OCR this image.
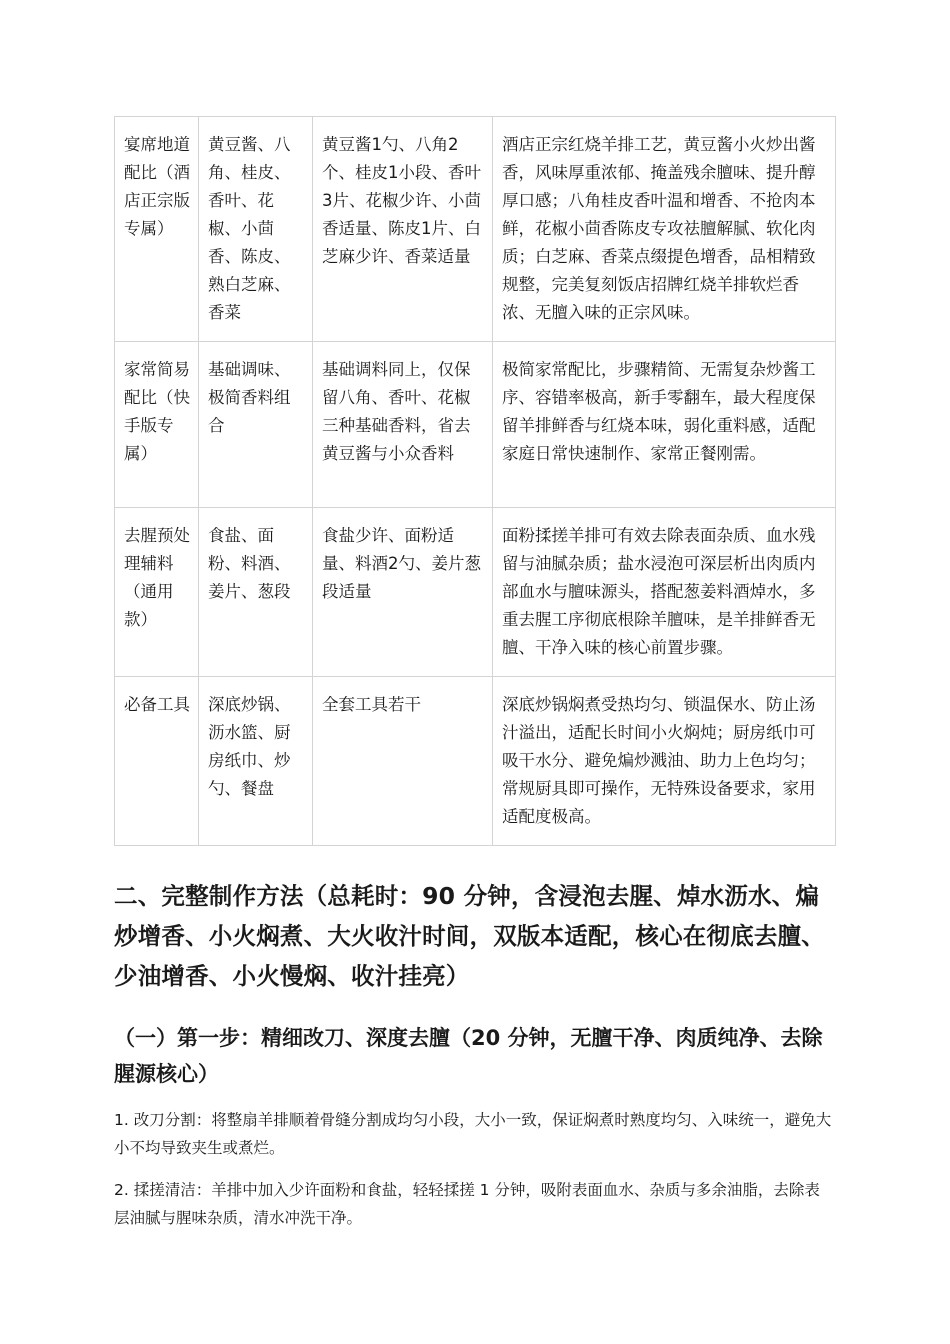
宴席地道配比（酒店正宗版专属）	黄豆酱、八角、桂皮、香叶、花椒、小茴香、陈皮、熟白芝麻、香菜	黄豆酱1勺、八角2个、桂皮1小段、香叶3片、花椒少许、小茴香适量、陈皮1片、白芝麻少许、香菜适量	酒店正宗红烧羊排工艺，黄豆酱小火炒出酱香，风味厚重浓郁、掩盖残余膻味、提升醇厚口感；八角桂皮香叶温和增香、不抢肉本鲜，花椒小茴香陈皮专攻祛膻解腻、软化肉质；白芝麻、香菜点缀提色增香，品相精致规整，完美复刻饭店招牌红烧羊排软烂香浓、无膻入味的正宗风味。
家常简易配比（快手版专属）	基础调味、极简香料组合	基础调料同上，仅保留八角、香叶、花椒三种基础香料，省去黄豆酱与小众香料	极简家常配比，步骤精简、无需复杂炒酱工序、容错率极高，新手零翻车，最大程度保留羊排鲜香与红烧本味，弱化重料感，适配家庭日常快速制作、家常正餐刚需。
去腥预处理辅料（通用款）	食盐、面粉、料酒、姜片、葱段	食盐少许、面粉适量、料酒2勺、姜片葱段适量	面粉揉搓羊排可有效去除表面杂质、血水残留与油腻杂质；盐水浸泡可深层析出肉质内部血水与膻味源头，搭配葱姜料酒焯水，多重去腥工序彻底根除羊膻味，是羊排鲜香无膻、干净入味的核心前置步骤。
必备工具	深底炒锅、沥水篮、厨房纸巾、炒勺、餐盘	全套工具若干	深底炒锅焖煮受热均匀、锁温保水、防止汤汁溢出，适配长时间小火焖炖；厨房纸巾可吸干水分、避免煸炒溅油、助力上色均匀；常规厨具即可操作，无特殊设备要求，家用适配度极高。
二、完整制作方法（总耗时：90 分钟，含浸泡去腥、焯水沥水、煸炒增香、小火焖煮、大火收汁时间，双版本适配，核心在彻底去膻、少油增香、小火慢焖、收汁挂亮）
（一）第一步：精细改刀、深度去膻（20 分钟，无膻干净、肉质纯净、去除腥源核心）

1. 改刀分割：将整扇羊排顺着骨缝分割成均匀小段，大小一致，保证焖煮时熟度均匀、入味统一，避免大小不均导致夹生或煮烂。

2. 揉搓清洁：羊排中加入少许面粉和食盐，轻轻揉搓 1 分钟，吸附表面血水、杂质与多余油脂，去除表层油腻与腥味杂质，清水冲洗干净。
